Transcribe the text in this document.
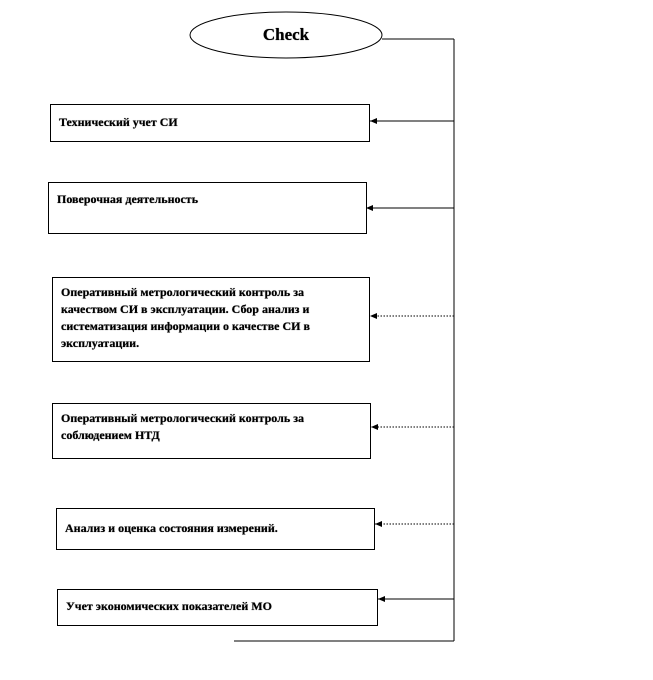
Check
Технический учет СИ
Поверочная деятельность
Оперативный метрологический контроль за качеством СИ в эксплуатации. Сбор анализ и систематизация информации о качестве СИ в эксплуатации.
Оперативный метрологический контроль за соблюдением НТД
Анализ и оценка состояния измерений.
Учет экономических показателей МО
